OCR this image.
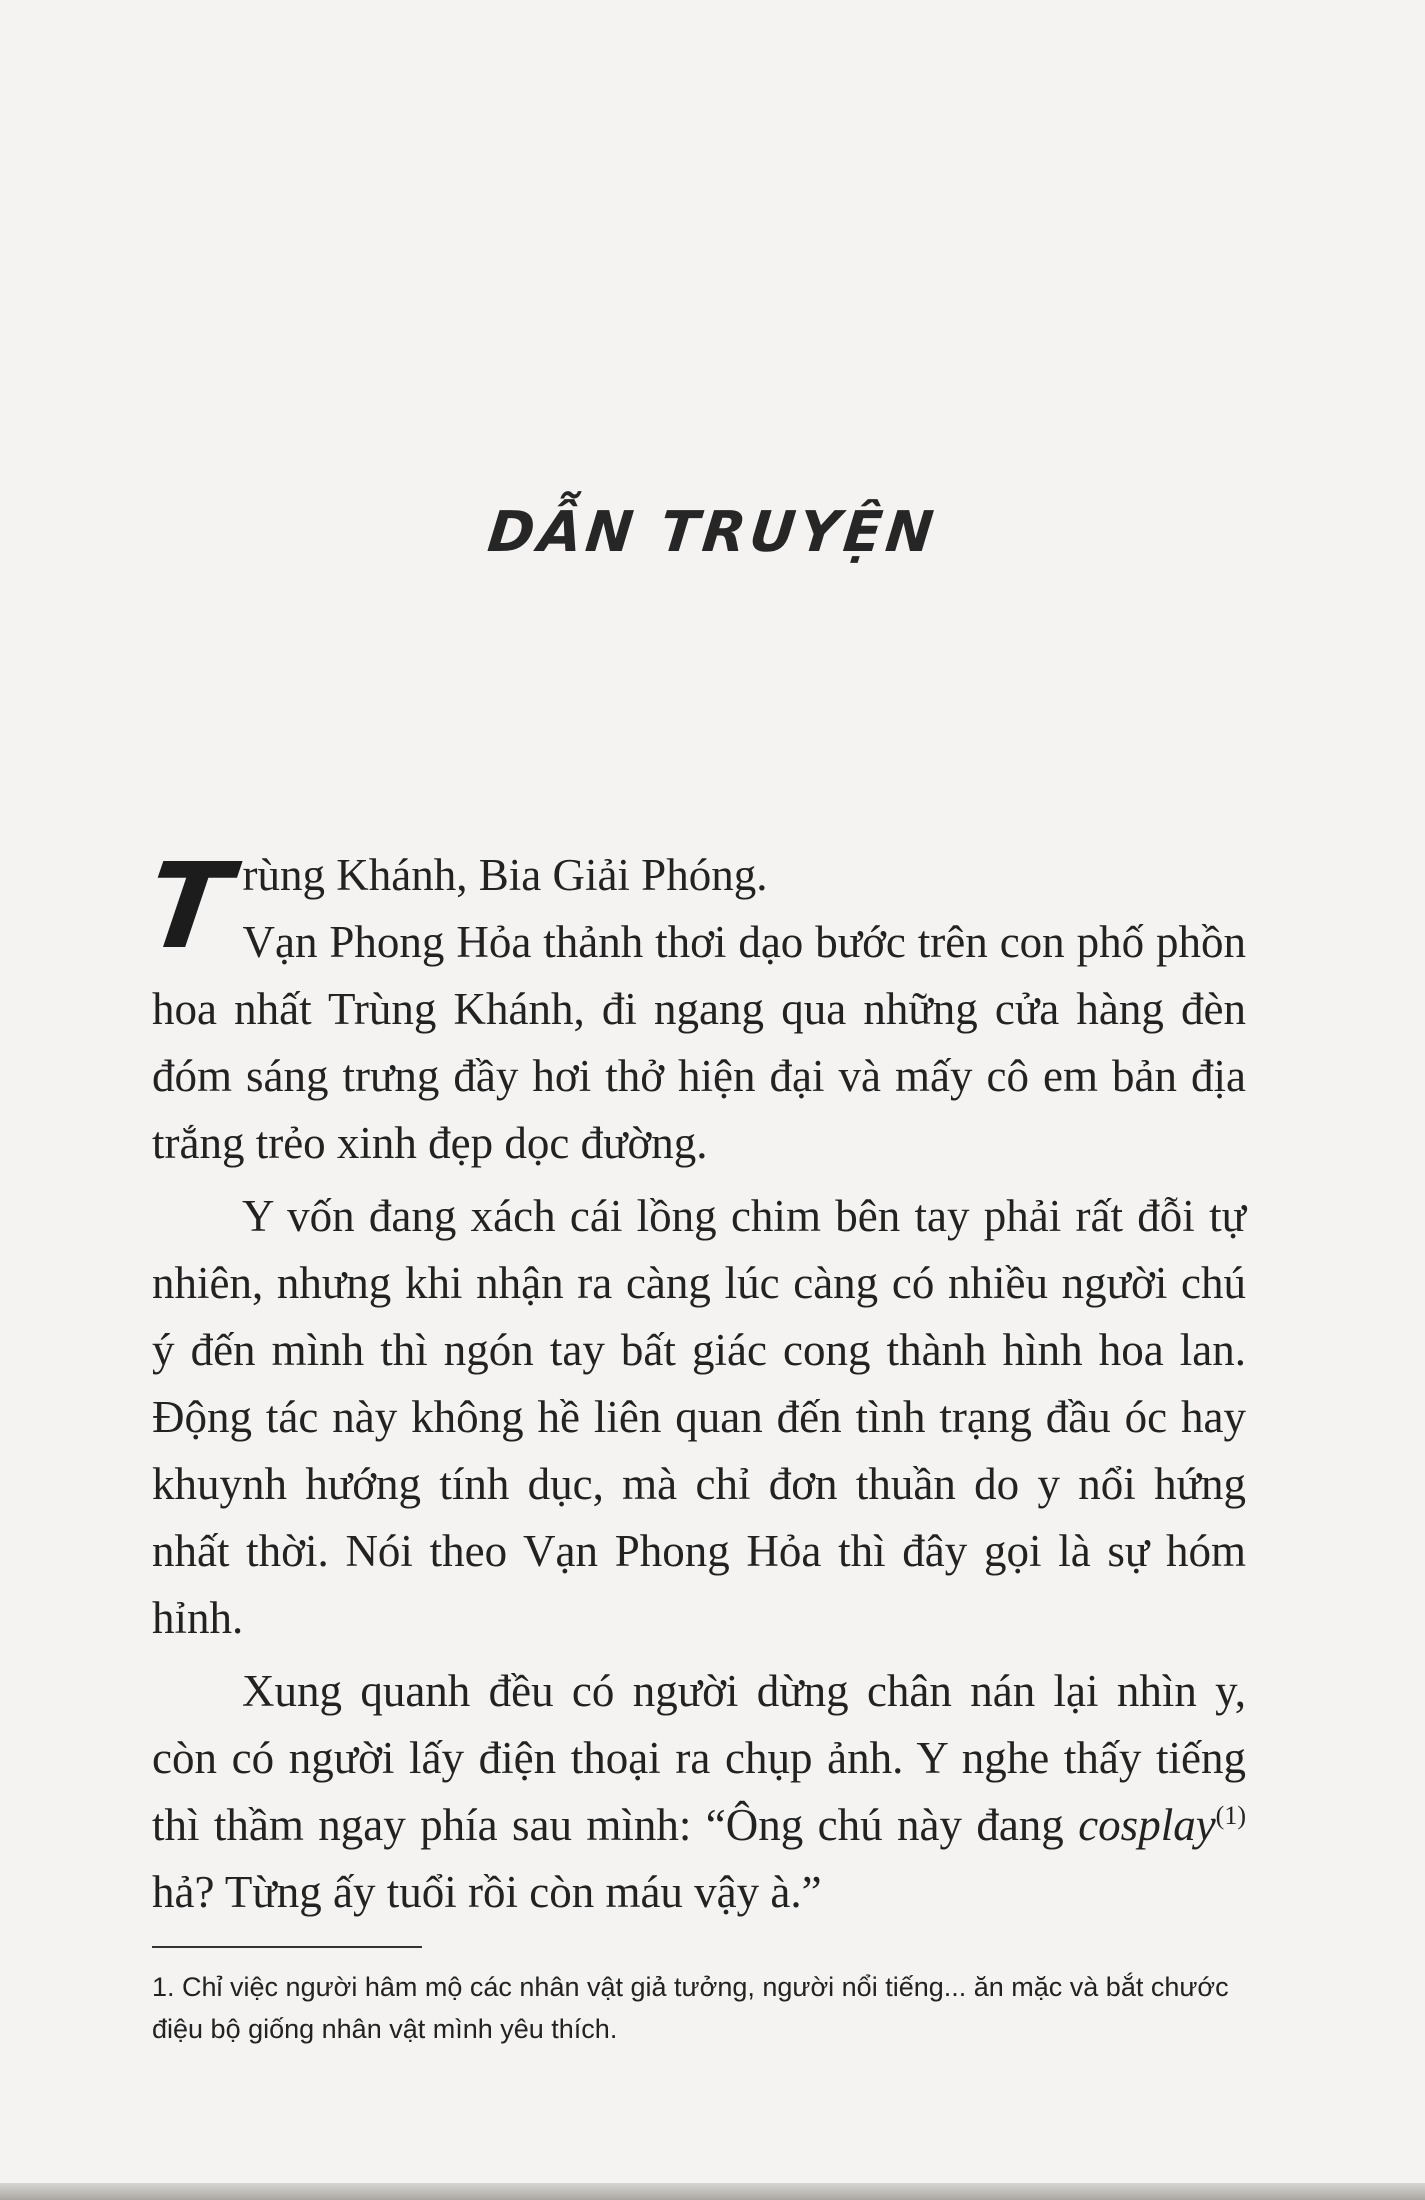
DẪN TRUYỆN

Trùng Khánh, Bia Giải Phóng.

Vạn Phong Hỏa thảnh thơi dạo bước trên con phố phồn hoa nhất Trùng Khánh, đi ngang qua những cửa hàng đèn đóm sáng trưng đầy hơi thở hiện đại và mấy cô em bản địa trắng trẻo xinh đẹp dọc đường.

Y vốn đang xách cái lồng chim bên tay phải rất đỗi tự nhiên, nhưng khi nhận ra càng lúc càng có nhiều người chú ý đến mình thì ngón tay bất giác cong thành hình hoa lan. Động tác này không hề liên quan đến tình trạng đầu óc hay khuynh hướng tính dục, mà chỉ đơn thuần do y nổi hứng nhất thời. Nói theo Vạn Phong Hỏa thì đây gọi là sự hóm hỉnh.

Xung quanh đều có người dừng chân nán lại nhìn y, còn có người lấy điện thoại ra chụp ảnh. Y nghe thấy tiếng thì thầm ngay phía sau mình: “Ông chú này đang cosplay$^{(1)}$ hả? Từng ấy tuổi rồi còn máu vậy à.”

1. Chỉ việc người hâm mộ các nhân vật giả tưởng, người nổi tiếng... ăn mặc và bắt chước điệu bộ giống nhân vật mình yêu thích.
